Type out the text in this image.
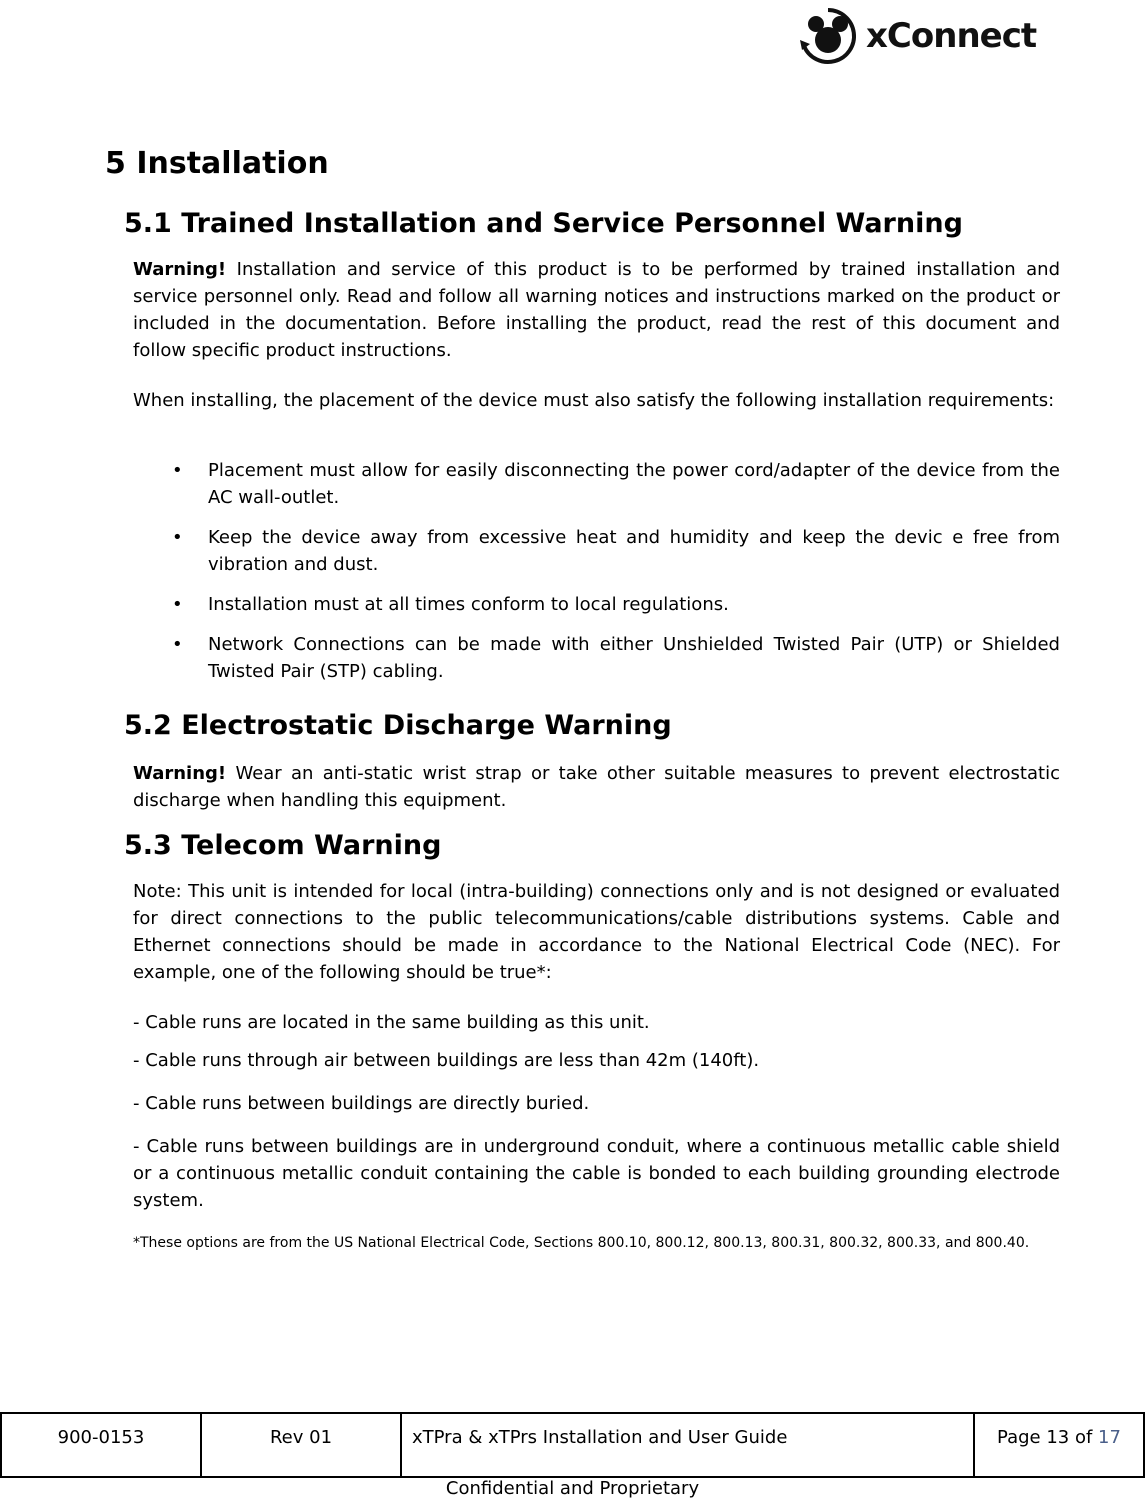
xConnect
5 Installation
5.1 Trained Installation and Service Personnel Warning

Warning! Installation and service of this product is to be performed by trained installation and service personnel only. Read and follow all warning notices and instructions marked on the product or included in the documentation. Before installing the product, read the rest of this document and follow specific product instructions.

When installing, the placement of the device must also satisfy the following installation requirements:

• Placement must allow for easily disconnecting the power cord/adapter of the device from the AC wall-outlet.
• Keep the device away from excessive heat and humidity and keep the devic e free from vibration and dust.
• Installation must at all times conform to local regulations.
• Network Connections can be made with either Unshielded Twisted Pair (UTP) or Shielded Twisted Pair (STP) cabling.
5.2 Electrostatic Discharge Warning

Warning! Wear an anti-static wrist strap or take other suitable measures to prevent electrostatic discharge when handling this equipment.

5.3 Telecom Warning

Note: This unit is intended for local (intra-building) connections only and is not designed or evaluated for direct connections to the public telecommunications/cable distributions systems. Cable and Ethernet connections should be made in accordance to the National Electrical Code (NEC). For example, one of the following should be true*:

- Cable runs are located in the same building as this unit.

- Cable runs through air between buildings are less than 42m (140ft).

- Cable runs between buildings are directly buried.

- Cable runs between buildings are in underground conduit, where a continuous metallic cable shield or a continuous metallic conduit containing the cable is bonded to each building grounding electrode system.

*These options are from the US National Electrical Code, Sections 800.10, 800.12, 800.13, 800.31, 800.32, 800.33, and 800.40.

900-0153	Rev 01	xTPra & xTPrs Installation and User Guide	Page 13 of 17
Confidential and Proprietary
